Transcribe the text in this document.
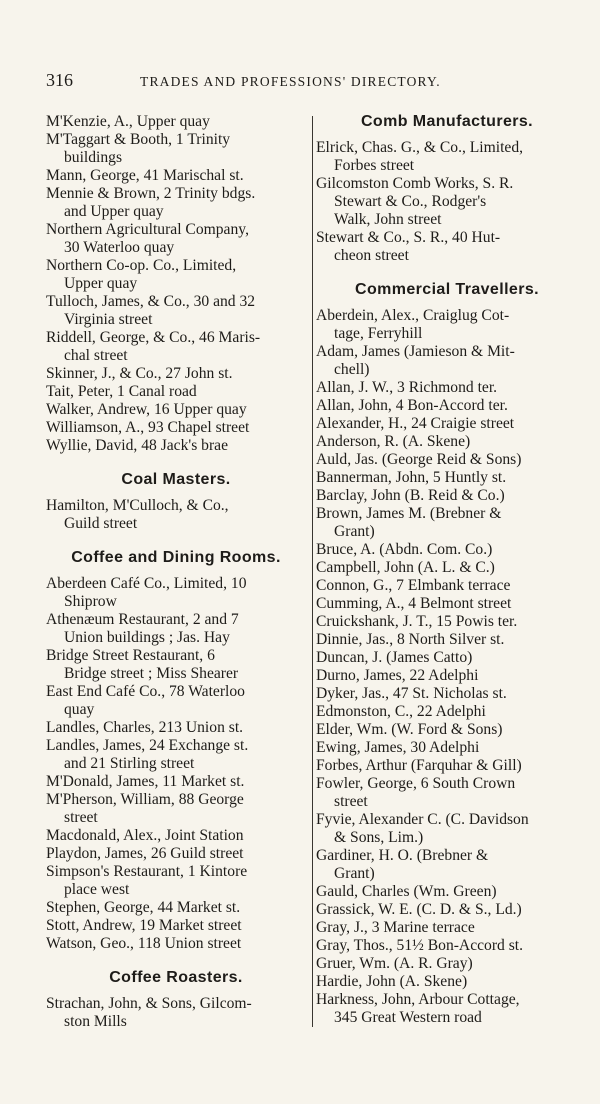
316	TRADES AND PROFESSIONS' DIRECTORY.
M'Kenzie, A., Upper quay
M'Taggart & Booth, 1 Trinity
buildings
Mann, George, 41 Marischal st.
Mennie & Brown, 2 Trinity bdgs.
and Upper quay
Northern Agricultural Company,
30 Waterloo quay
Northern Co-op. Co., Limited,
Upper quay
Tulloch, James, & Co., 30 and 32
Virginia street
Riddell, George, & Co., 46 Maris-
chal street
Skinner, J., & Co., 27 John st.
Tait, Peter, 1 Canal road
Walker, Andrew, 16 Upper quay
Williamson, A., 93 Chapel street
Wyllie, David, 48 Jack's brae
Coal Masters.
Hamilton, M'Culloch, & Co.,
Guild street
Coffee and Dining Rooms.
Aberdeen Café Co., Limited, 10
Shiprow
Athenæum Restaurant, 2 and 7
Union buildings ; Jas. Hay
Bridge Street Restaurant, 6
Bridge street ; Miss Shearer
East End Café Co., 78 Waterloo
quay
Landles, Charles, 213 Union st.
Landles, James, 24 Exchange st.
and 21 Stirling street
M'Donald, James, 11 Market st.
M'Pherson, William, 88 George
street
Macdonald, Alex., Joint Station
Playdon, James, 26 Guild street
Simpson's Restaurant, 1 Kintore
place west
Stephen, George, 44 Market st.
Stott, Andrew, 19 Market street
Watson, Geo., 118 Union street
Coffee Roasters.
Strachan, John, & Sons, Gilcom-
ston Mills
Comb Manufacturers.
Elrick, Chas. G., & Co., Limited,
Forbes street
Gilcomston Comb Works, S. R.
Stewart & Co., Rodger's
Walk, John street
Stewart & Co., S. R., 40 Hut-
cheon street
Commercial Travellers.
Aberdein, Alex., Craiglug Cot-
tage, Ferryhill
Adam, James (Jamieson & Mit-
chell)
Allan, J. W., 3 Richmond ter.
Allan, John, 4 Bon-Accord ter.
Alexander, H., 24 Craigie street
Anderson, R. (A. Skene)
Auld, Jas. (George Reid & Sons)
Bannerman, John, 5 Huntly st.
Barclay, John (B. Reid & Co.)
Brown, James M. (Brebner &
Grant)
Bruce, A. (Abdn. Com. Co.)
Campbell, John (A. L. & C.)
Connon, G., 7 Elmbank terrace
Cumming, A., 4 Belmont street
Cruickshank, J. T., 15 Powis ter.
Dinnie, Jas., 8 North Silver st.
Duncan, J. (James Catto)
Durno, James, 22 Adelphi
Dyker, Jas., 47 St. Nicholas st.
Edmonston, C., 22 Adelphi
Elder, Wm. (W. Ford & Sons)
Ewing, James, 30 Adelphi
Forbes, Arthur (Farquhar & Gill)
Fowler, George, 6 South Crown
street
Fyvie, Alexander C. (C. Davidson
& Sons, Lim.)
Gardiner, H. O. (Brebner &
Grant)
Gauld, Charles (Wm. Green)
Grassick, W. E. (C. D. & S., Ld.)
Gray, J., 3 Marine terrace
Gray, Thos., 51½ Bon-Accord st.
Gruer, Wm. (A. R. Gray)
Hardie, John (A. Skene)
Harkness, John, Arbour Cottage,
345 Great Western road
